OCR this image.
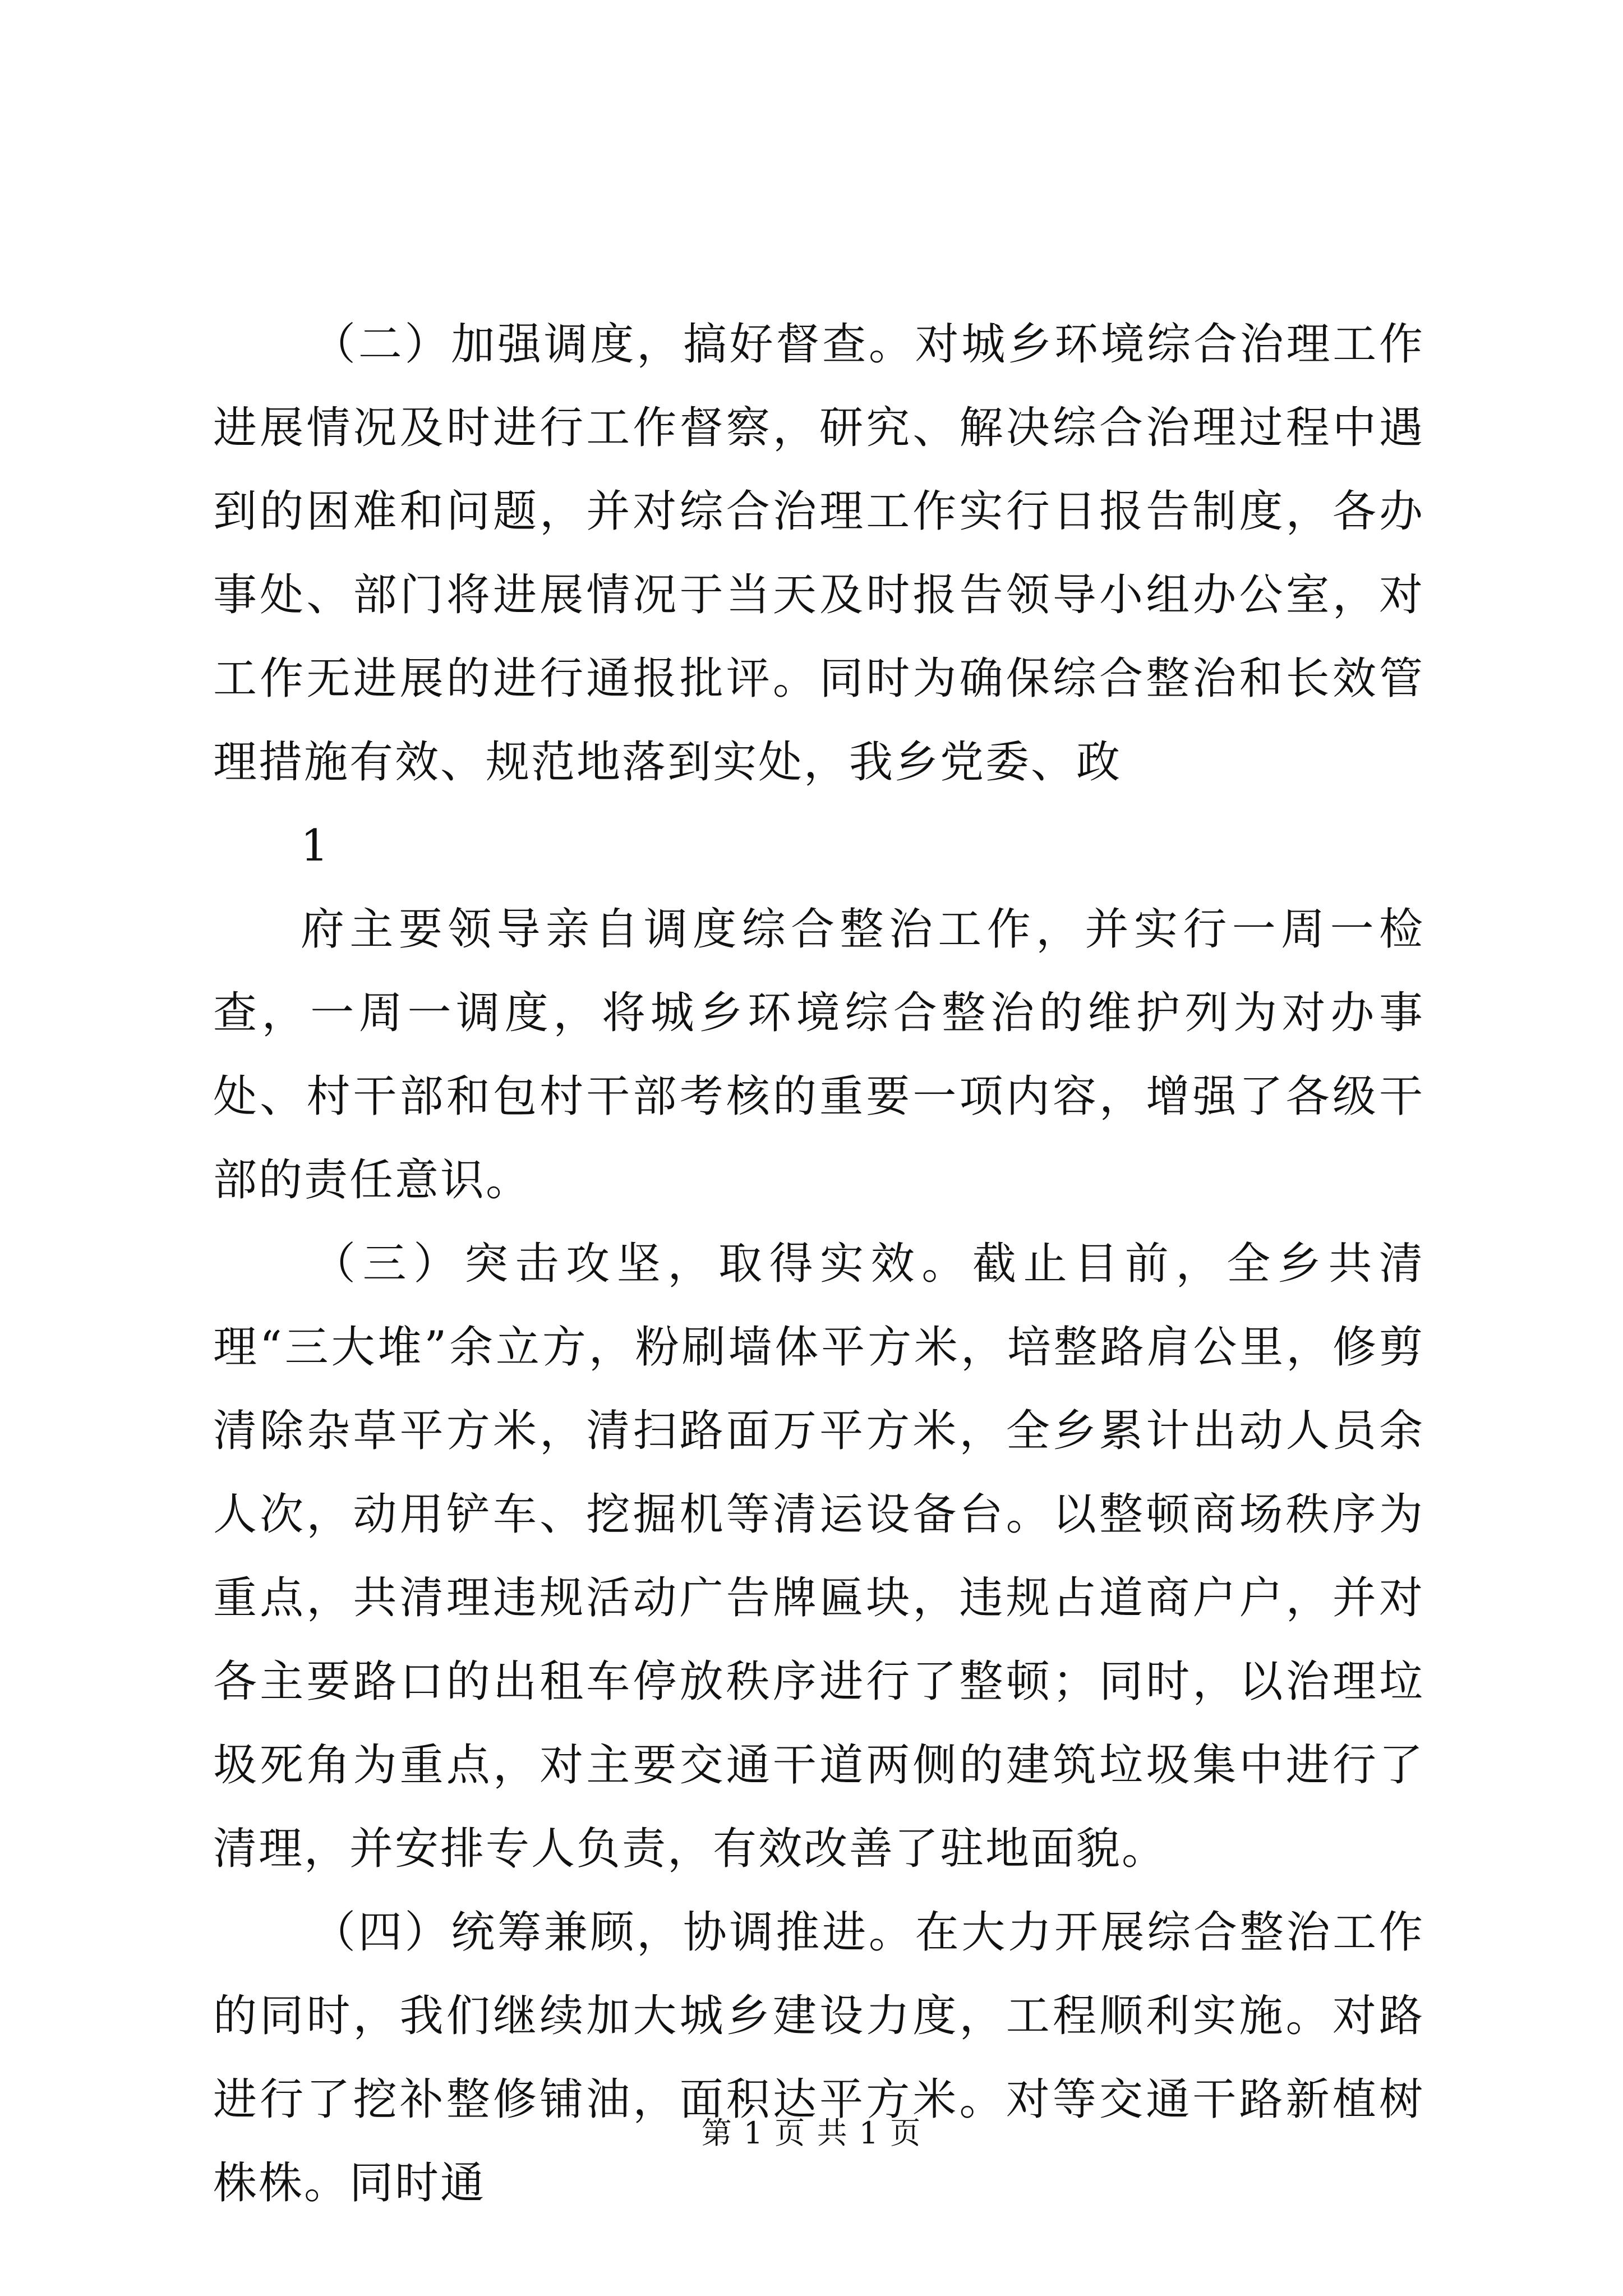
（二）加强调度，搞好督查。对城乡环境综合治理工作进展情况及时进行工作督察，研究、解决综合治理过程中遇到的困难和问题，并对综合治理工作实行日报告制度，各办事处、部门将进展情况于当天及时报告领导小组办公室，对工作无进展的进行通报批评。同时为确保综合整治和长效管理措施有效、规范地落到实处，我乡党委、政

1

府主要领导亲自调度综合整治工作，并实行一周一检查，一周一调度，将城乡环境综合整治的维护列为对办事处、村干部和包村干部考核的重要一项内容，增强了各级干部的责任意识。

（三）突击攻坚，取得实效。截止目前，全乡共清理“三大堆”余立方，粉刷墙体平方米，培整路肩公里，修剪清除杂草平方米，清扫路面万平方米，全乡累计出动人员余人次，动用铲车、挖掘机等清运设备台。以整顿商场秩序为重点，共清理违规活动广告牌匾块，违规占道商户户，并对各主要路口的出租车停放秩序进行了整顿；同时，以治理垃圾死角为重点，对主要交通干道两侧的建筑垃圾集中进行了清理，并安排专人负责，有效改善了驻地面貌。

（四）统筹兼顾，协调推进。在大力开展综合整治工作的同时，我们继续加大城乡建设力度，工程顺利实施。对路进行了挖补整修铺油，面积达平方米。对等交通干路新植树株株。同时通

第 1 页 共 1 页
